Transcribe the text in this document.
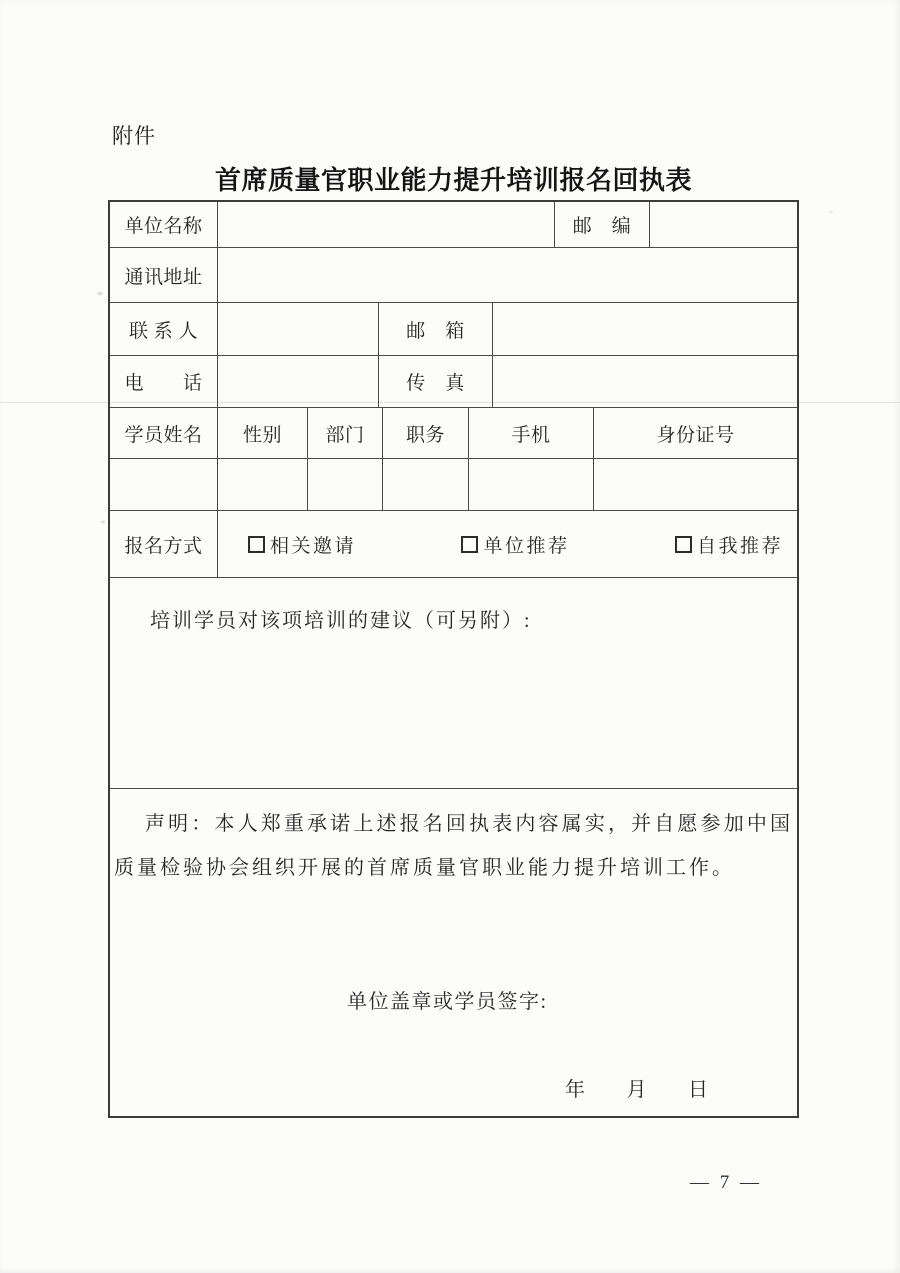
附件
首席质量官职业能力提升培训报名回执表
单位名称	邮　编
通讯地址
联 系 人	邮　箱
电　　话	传　真
学员姓名	性别	部门	职务	手机	身份证号
报名方式	相关邀请	单位推荐	自我推荐
培训学员对该项培训的建议（可另附）:

声明：本人郑重承诺上述报名回执表内容属实，并自愿参加中国质量检验协会组织开展的首席质量官职业能力提升培训工作。

单位盖章或学员签字:
年　　月　　日
— 7 —
